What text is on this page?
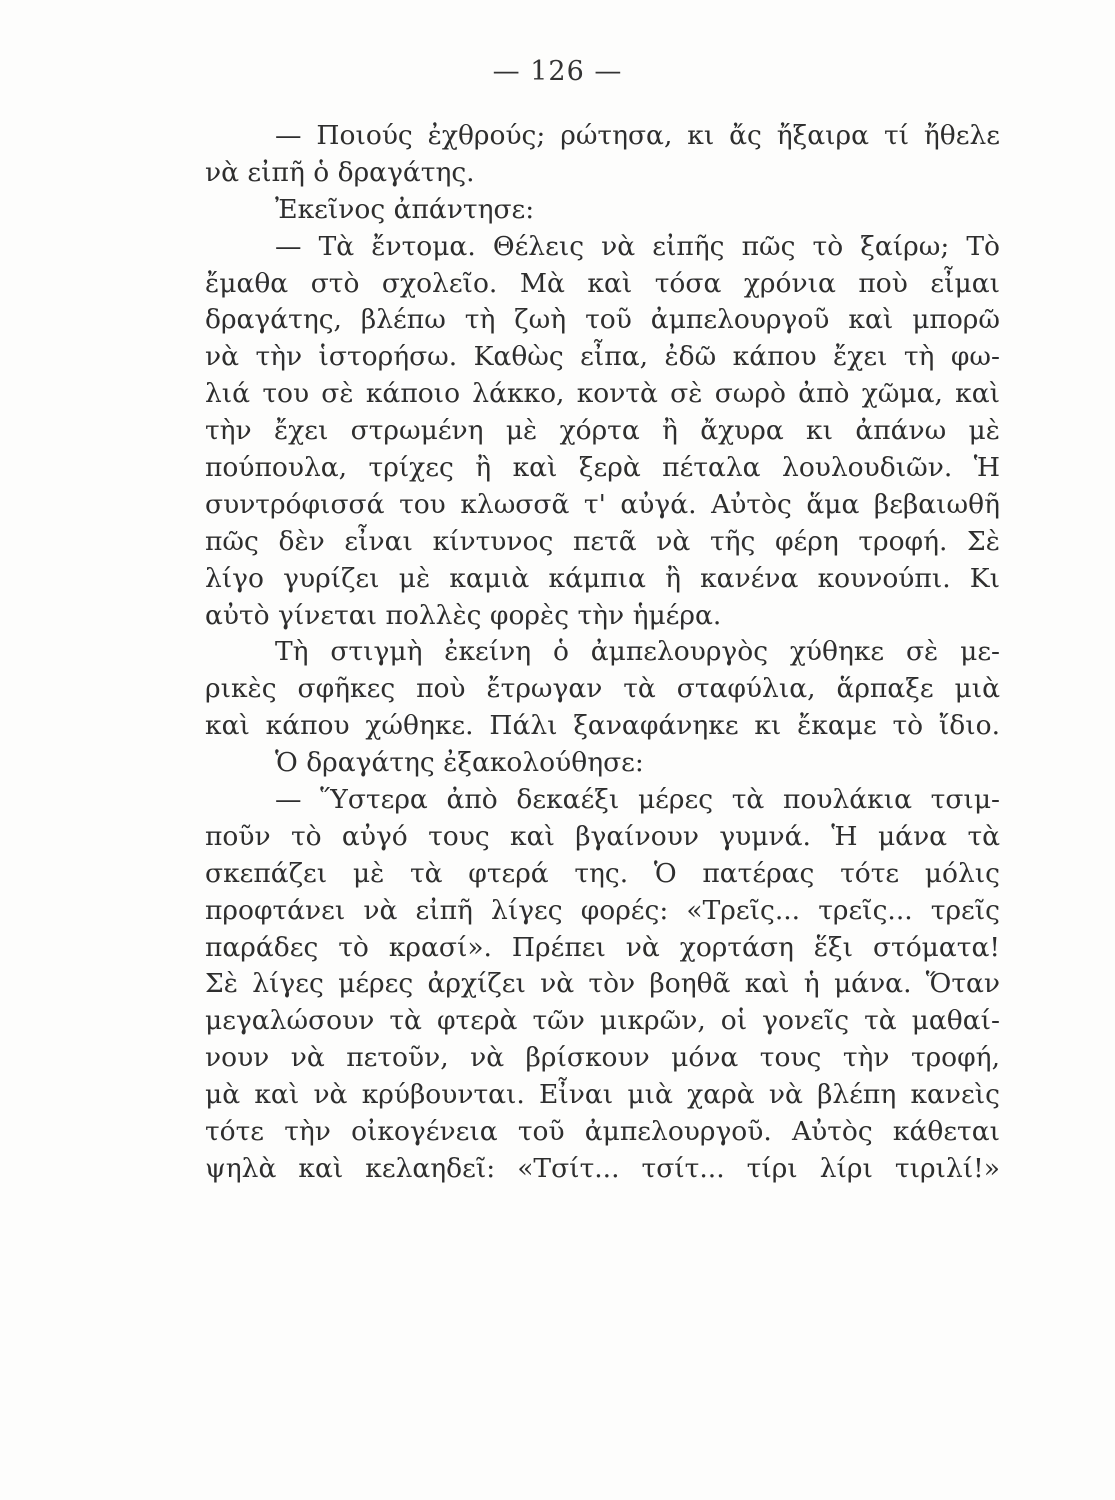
— 126 —
— Ποιούς ἐχθρούς; ρώτησα, κι ἄς ἤξαιρα τί ἤθελε
νὰ εἰπῆ ὁ δραγάτης.
Ἐκεῖνος ἀπάντησε:
— Τὰ ἔντομα. Θέλεις νὰ εἰπῆς πῶς τὸ ξαίρω; Τὸ
ἔμαθα στὸ σχολεῖο. Μὰ καὶ τόσα χρόνια ποὺ εἶμαι
δραγάτης, βλέπω τὴ ζωὴ τοῦ ἀμπελουργοῦ καὶ μπορῶ
νὰ τὴν ἱστορήσω. Καθὼς εἶπα, ἐδῶ κάπου ἔχει τὴ φω-
λιά του σὲ κάποιο λάκκο, κοντὰ σὲ σωρὸ ἀπὸ χῶμα, καὶ
τὴν ἔχει στρωμένη μὲ χόρτα ἢ ἄχυρα κι ἀπάνω μὲ
πούπουλα, τρίχες ἢ καὶ ξερὰ πέταλα λουλουδιῶν. Ἡ
συντρόφισσά του κλωσσᾶ τ' αὐγά. Αὐτὸς ἅμα βεβαιωθῆ
πῶς δὲν εἶναι κίντυνος πετᾶ νὰ τῆς φέρη τροφή. Σὲ
λίγο γυρίζει μὲ καμιὰ κάμπια ἢ κανένα κουνούπι. Κι
αὐτὸ γίνεται πολλὲς φορὲς τὴν ἡμέρα.
Τὴ στιγμὴ ἐκείνη ὁ ἀμπελουργὸς χύθηκε σὲ με-
ρικὲς σφῆκες ποὺ ἔτρωγαν τὰ σταφύλια, ἅρπαξε μιὰ
καὶ κάπου χώθηκε. Πάλι ξαναφάνηκε κι ἔκαμε τὸ ἴδιο.
Ὁ δραγάτης ἐξακολούθησε:
— Ὕστερα ἀπὸ δεκαέξι μέρες τὰ πουλάκια τσιμ-
ποῦν τὸ αὐγό τους καὶ βγαίνουν γυμνά. Ἡ μάνα τὰ
σκεπάζει μὲ τὰ φτερά της. Ὁ πατέρας τότε μόλις
προφτάνει νὰ εἰπῆ λίγες φορές: «Τρεῖς... τρεῖς... τρεῖς
παράδες τὸ κρασί». Πρέπει νὰ χορτάση ἕξι στόματα!
Σὲ λίγες μέρες ἀρχίζει νὰ τὸν βοηθᾶ καὶ ἡ μάνα. Ὅταν
μεγαλώσουν τὰ φτερὰ τῶν μικρῶν, οἱ γονεῖς τὰ μαθαί-
νουν νὰ πετοῦν, νὰ βρίσκουν μόνα τους τὴν τροφή,
μὰ καὶ νὰ κρύβουνται. Εἶναι μιὰ χαρὰ νὰ βλέπη κανεὶς
τότε τὴν οἰκογένεια τοῦ ἀμπελουργοῦ. Αὐτὸς κάθεται
ψηλὰ καὶ κελαηδεῖ: «Τσίτ... τσίτ... τίρι λίρι τιριλί!»
